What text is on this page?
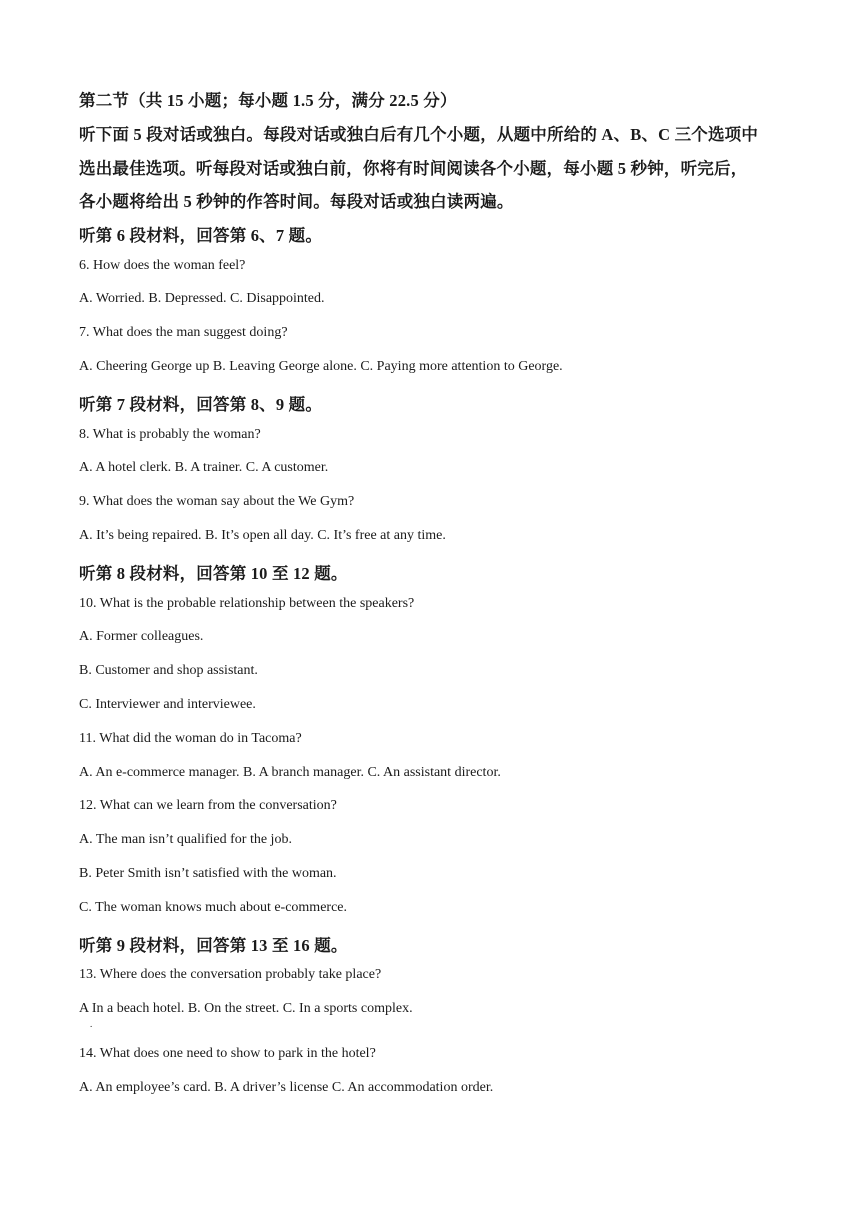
第二节（共 15 小题；每小题 1.5 分，满分 22.5 分）
听下面 5 段对话或独白。每段对话或独白后有几个小题，从题中所给的 A、B、C 三个选项中
选出最佳选项。听每段对话或独白前，你将有时间阅读各个小题，每小题 5 秒钟，听完后，
各小题将给出 5 秒钟的作答时间。每段对话或独白读两遍。
听第 6 段材料，回答第 6、7 题。
6. How does the woman feel?
A. Worried. B. Depressed. C. Disappointed.
7. What does the man suggest doing?
A. Cheering George up B. Leaving George alone. C. Paying more attention to George.
听第 7 段材料，回答第 8、9 题。
8. What is probably the woman?
A. A hotel clerk. B. A trainer. C. A customer.
9. What does the woman say about the We Gym?
A. It’s being repaired. B. It’s open all day. C. It’s free at any time.
听第 8 段材料，回答第 10 至 12 题。
10. What is the probable relationship between the speakers?
A. Former colleagues.
B. Customer and shop assistant.
C. Interviewer and interviewee.
11. What did the woman do in Tacoma?
A. An e-commerce manager. B. A branch manager. C. An assistant director.
12. What can we learn from the conversation?
A. The man isn’t qualified for the job.
B. Peter Smith isn’t satisfied with the woman.
C. The woman knows much about e-commerce.
听第 9 段材料，回答第 13 至 16 题。
13. Where does the conversation probably take place?
A In a beach hotel. B. On the street. C. In a sports complex.
.
14. What does one need to show to park in the hotel?
A. An employee’s card. B. A driver’s license C. An accommodation order.
